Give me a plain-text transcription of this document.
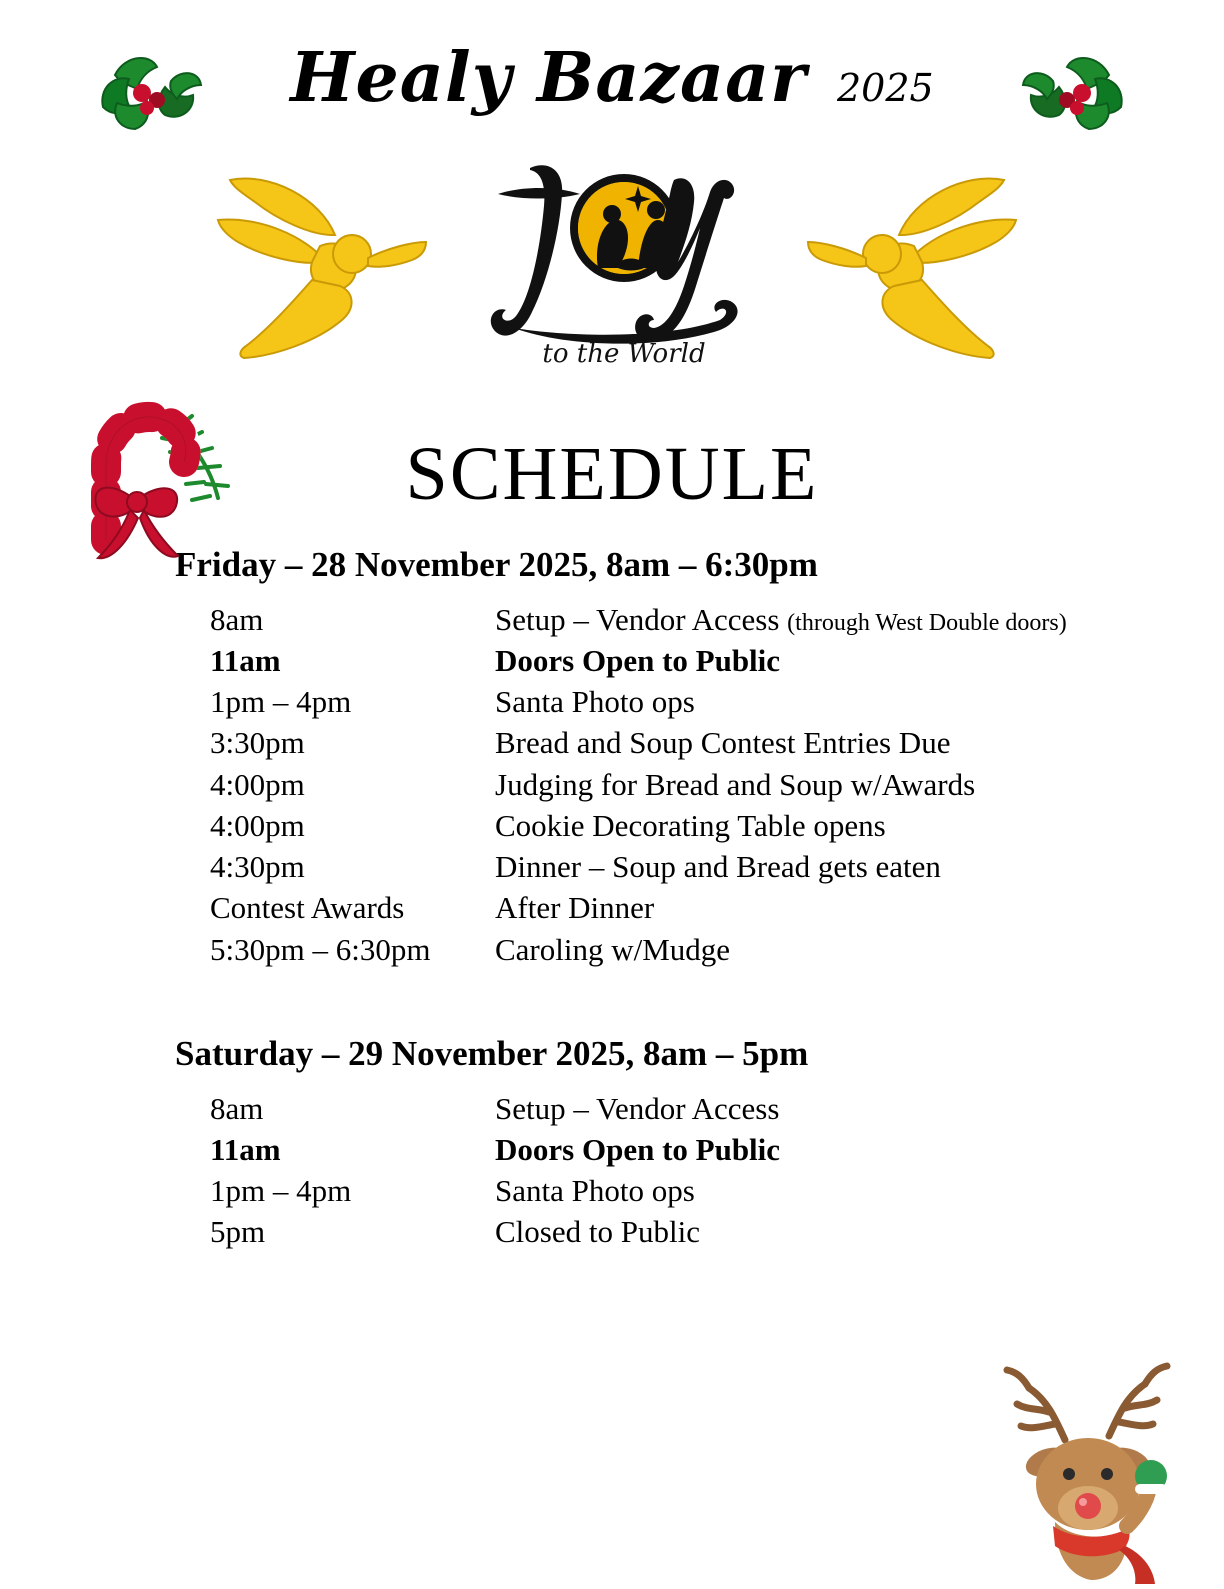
Healy Bazaar 2025
to the World
SCHEDULE
Friday – 28 November 2025, 8am – 6:30pm
8am	Setup – Vendor Access (through West Double doors)
11am	Doors Open to Public
1pm – 4pm	Santa Photo ops
3:30pm	Bread and Soup Contest Entries Due
4:00pm	Judging for Bread and Soup w/Awards
4:00pm	Cookie Decorating Table opens
4:30pm	Dinner – Soup and Bread gets eaten
Contest Awards	After Dinner
5:30pm – 6:30pm	Caroling w/Mudge
Saturday – 29 November 2025, 8am – 5pm
8am	Setup – Vendor Access
11am	Doors Open to Public
1pm – 4pm	Santa Photo ops
5pm	Closed to Public
